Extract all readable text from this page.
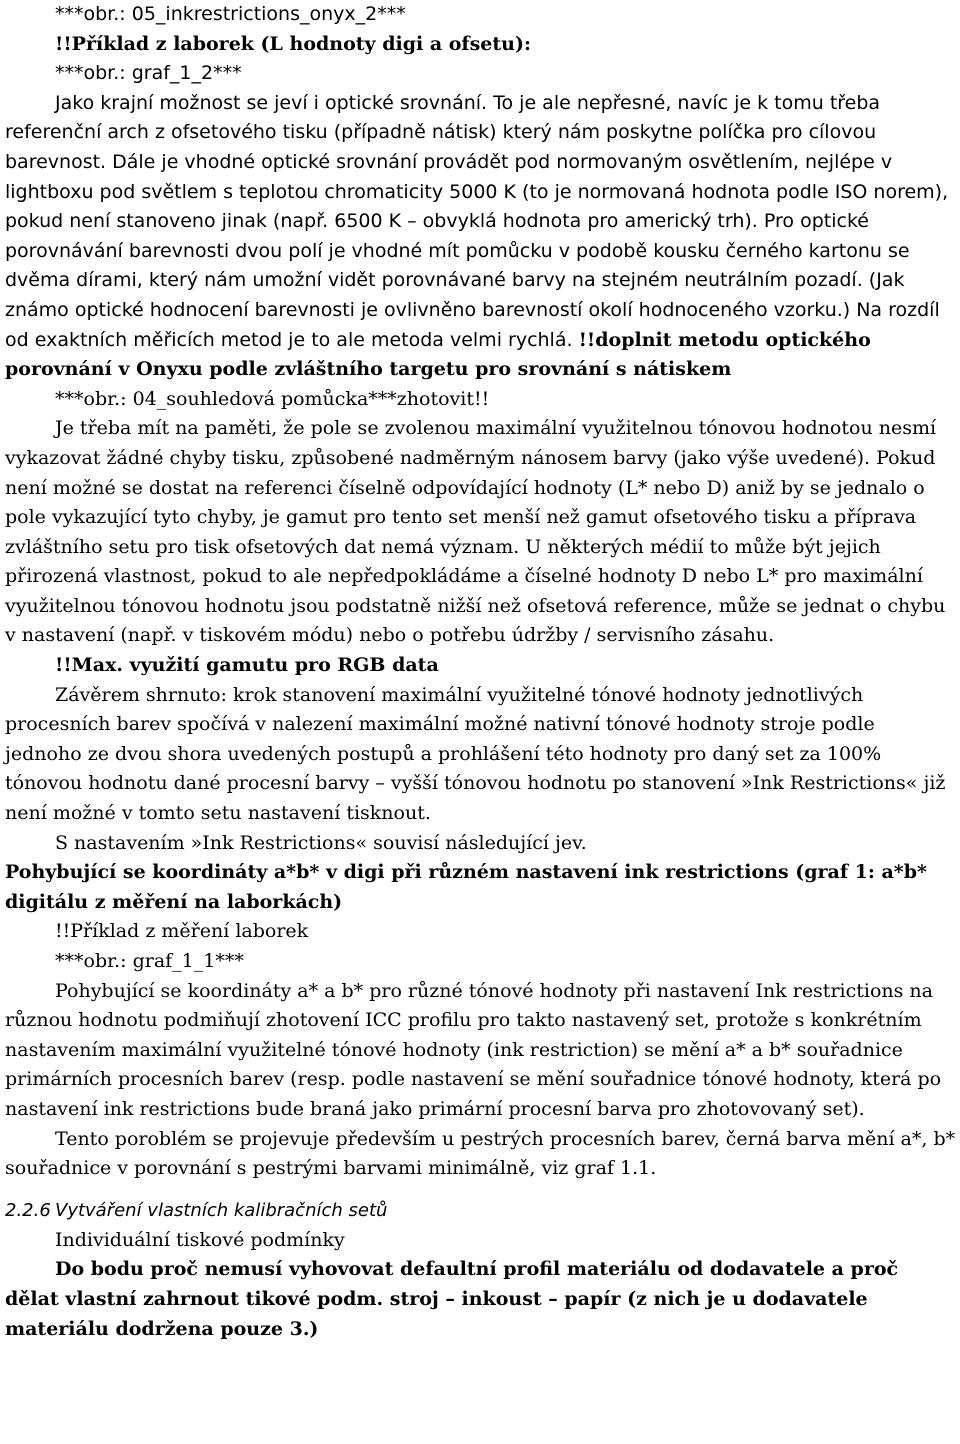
***obr.: 05_inkrestrictions_onyx_2***

!!Příklad z laborek (L hodnoty digi a ofsetu):

***obr.: graf_1_2***

Jako krajní možnost se jeví i optické srovnání. To je ale nepřesné, navíc je k tomu třeba referenční arch z ofsetového tisku (případně nátisk) který nám poskytne políčka pro cílovou barevnost. Dále je vhodné optické srovnání provádět pod normovaným osvětlením, nejlépe v lightboxu pod světlem s teplotou chromaticity 5000 K (to je normovaná hodnota podle ISO norem), pokud není stanoveno jinak (např. 6500 K – obvyklá hodnota pro americký trh). Pro optické porovnávání barevnosti dvou polí je vhodné mít pomůcku v podobě kousku černého kartonu se dvěma dírami, který nám umožní vidět porovnávané barvy na stejném neutrálním pozadí. (Jak známo optické hodnocení barevnosti je ovlivněno barevností okolí hodnoceného vzorku.) Na rozdíl od exaktních měřicích metod je to ale metoda velmi rychlá. !!doplnit metodu optického porovnání v Onyxu podle zvláštního targetu pro srovnání s nátiskem

***obr.: 04_souhledová pomůcka***zhotovit!!

Je třeba mít na paměti, že pole se zvolenou maximální využitelnou tónovou hodnotou nesmí vykazovat žádné chyby tisku, způsobené nadměrným nánosem barvy (jako výše uvedené). Pokud není možné se dostat na referenci číselně odpovídající hodnoty (L* nebo D) aniž by se jednalo o pole vykazující tyto chyby, je gamut pro tento set menší než gamut ofsetového tisku a příprava zvláštního setu pro tisk ofsetových dat nemá význam. U některých médií to může být jejich přirozená vlastnost, pokud to ale nepředpokládáme a číselné hodnoty D nebo L* pro maximální využitelnou tónovou hodnotu jsou podstatně nižší než ofsetová reference, může se jednat o chybu v nastavení (např. v tiskovém módu) nebo o potřebu údržby / servisního zásahu.

!!Max. využití gamutu pro RGB data

Závěrem shrnuto: krok stanovení maximální využitelné tónové hodnoty jednotlivých procesních barev spočívá v nalezení maximální možné nativní tónové hodnoty stroje podle jednoho ze dvou shora uvedených postupů a prohlášení této hodnoty pro daný set za 100% tónovou hodnotu dané procesní barvy – vyšší tónovou hodnotu po stanovení »Ink Restrictions« již není možné v tomto setu nastavení tisknout.

S nastavením »Ink Restrictions« souvisí následující jev.

Pohybující se koordináty a*b* v digi při různém nastavení ink restrictions (graf 1: a*b* digitálu z měření na laborkách)

!!Příklad z měření laborek

***obr.: graf_1_1***

Pohybující se koordináty a* a b* pro různé tónové hodnoty při nastavení Ink restrictions na různou hodnotu podmiňují zhotovení ICC profilu pro takto nastavený set, protože s konkrétním nastavením maximální využitelné tónové hodnoty (ink restriction) se mění a* a b* souřadnice primárních procesních barev (resp. podle nastavení se mění souřadnice tónové hodnoty, která po nastavení ink restrictions bude braná jako primární procesní barva pro zhotovovaný set).

Tento poroblém se projevuje především u pestrých procesních barev, černá barva mění a*, b* souřadnice v porovnání s pestrými barvami minimálně, viz graf 1.1.

2.2.6 Vytváření vlastních kalibračních setů

Individuální tiskové podmínky

Do bodu proč nemusí vyhovovat defaultní profil materiálu od dodavatele a proč dělat vlastní zahrnout tikové podm. stroj – inkoust – papír (z nich je u dodavatele materiálu dodržena pouze 3.)
